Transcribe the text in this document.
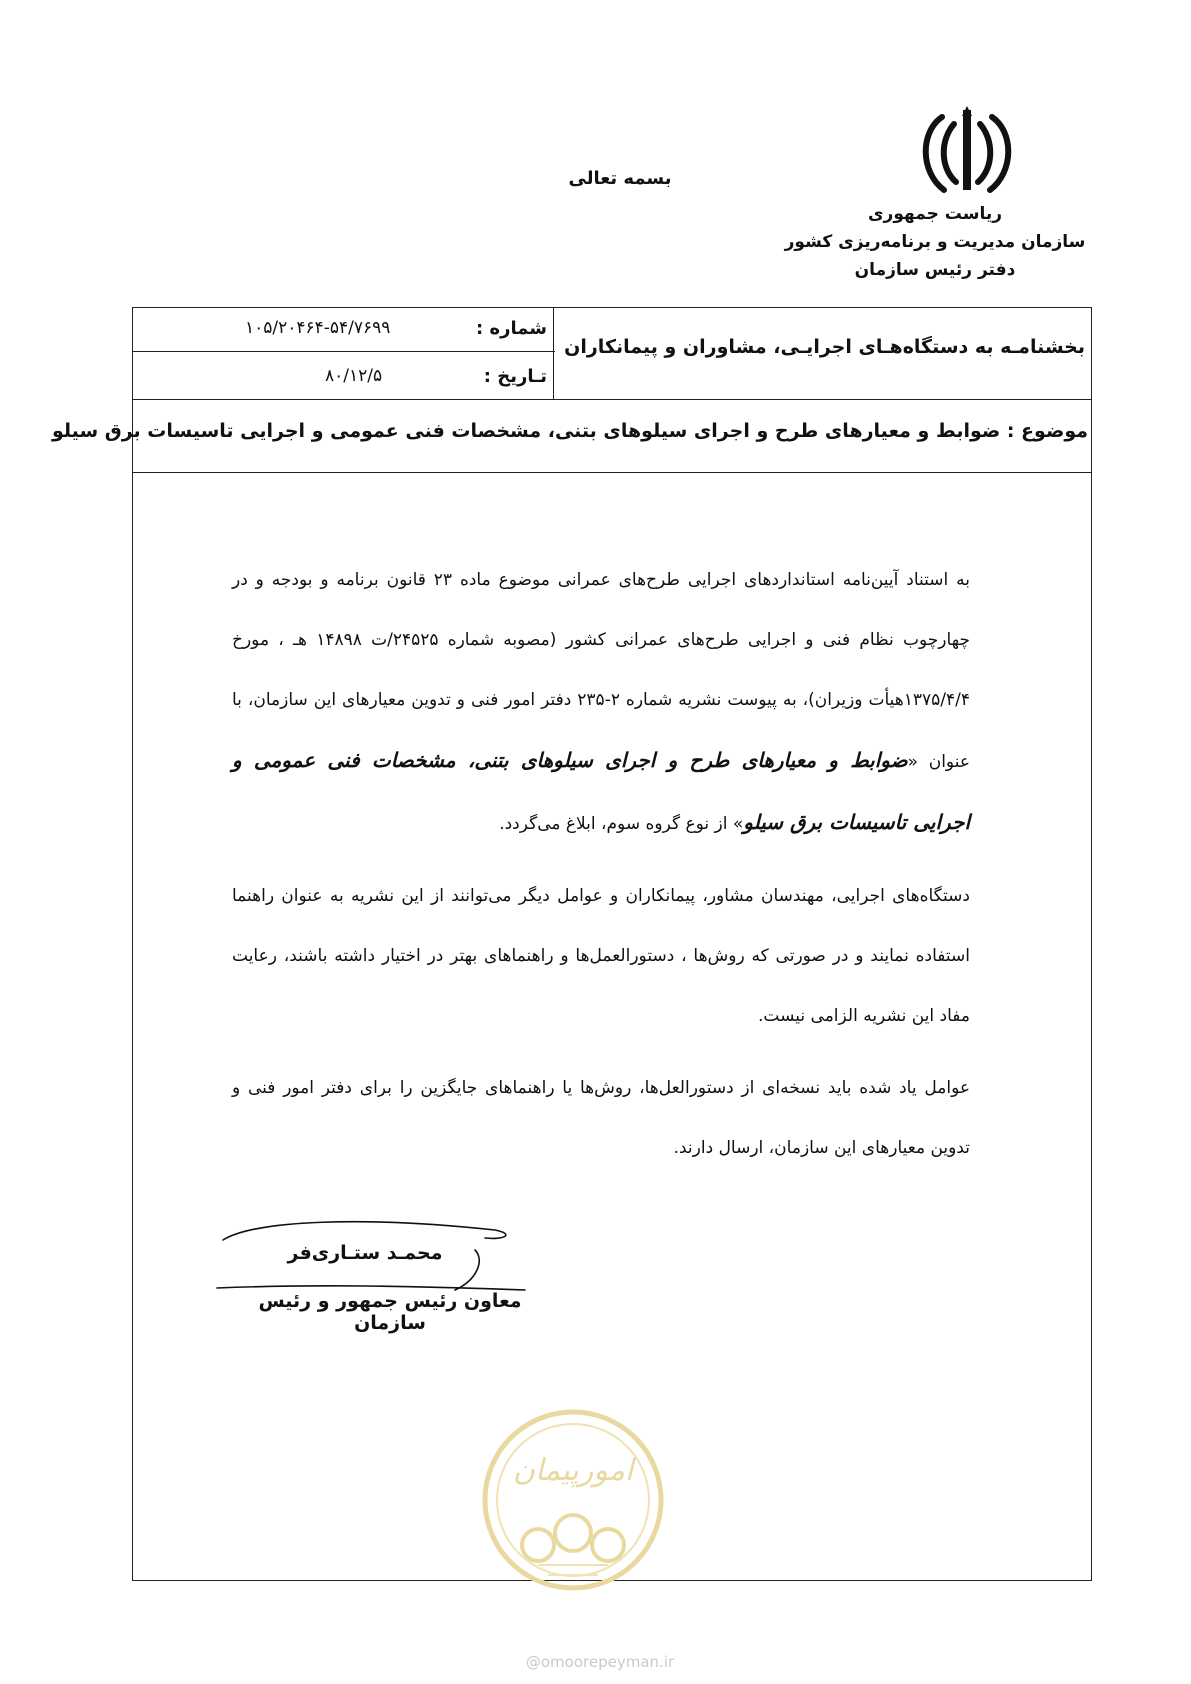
بسمه تعالی
ریاست جمهوری
سازمان مدیریت و برنامه‌ریزی کشور
دفتر رئیس سازمان
بخشنامـه به دستگاه‌هـای اجرایـی، مشاوران و پیمانکاران
شماره :
۱۰۵/۲۰۴۶۴-۵۴/۷۶۹۹
تـاریخ :
۸۰/۱۲/۵
موضوع : ضوابط و معیارهای طرح و اجرای سیلوهای بتنی، مشخصات فنی عمومی و اجرایی تاسیسات برق سیلو

به استناد آیین‌نامه استانداردهای اجرایی طرح‌های عمرانی موضوع ماده ۲۳ قانون برنامه و بودجه و در چهارچوب نظام فنی و اجرایی طرح‌های عمرانی کشور (مصوبه شماره ۲۴۵۲۵/ت ۱۴۸۹۸ هـ ، مورخ ۱۳۷۵/۴/۴هیأت وزیران)، به پیوست نشریه شماره ۲-۲۳۵ دفتر امور فنی و تدوین معیارهای این سازمان، با عنوان «ضوابط و معیارهای طرح و اجرای سیلوهای بتنی، مشخصات فنی عمومی و اجرایی تاسیسات برق سیلو» از نوع گروه سوم، ابلاغ می‌گردد.

دستگاه‌های اجرایی، مهندسان مشاور، پیمانکاران و عوامل دیگر می‌توانند از این نشریه به عنوان راهنما استفاده نمایند و در صورتی که روش‌ها ، دستورالعمل‌ها و راهنماهای بهتر در اختیار داشته باشند، رعایت مفاد این نشریه الزامی نیست.

عوامل یاد شده باید نسخه‌ای از دستورالعل‌ها، روش‌ها یا راهنماهای جایگزین را برای دفتر امور فنی و تدوین معیارهای این سازمان، ارسال دارند.

محمـد ستـاری‌فر
معاون رئیس جمهور و رئیس سازمان
امورپیمان
@omoorepeyman.ir
